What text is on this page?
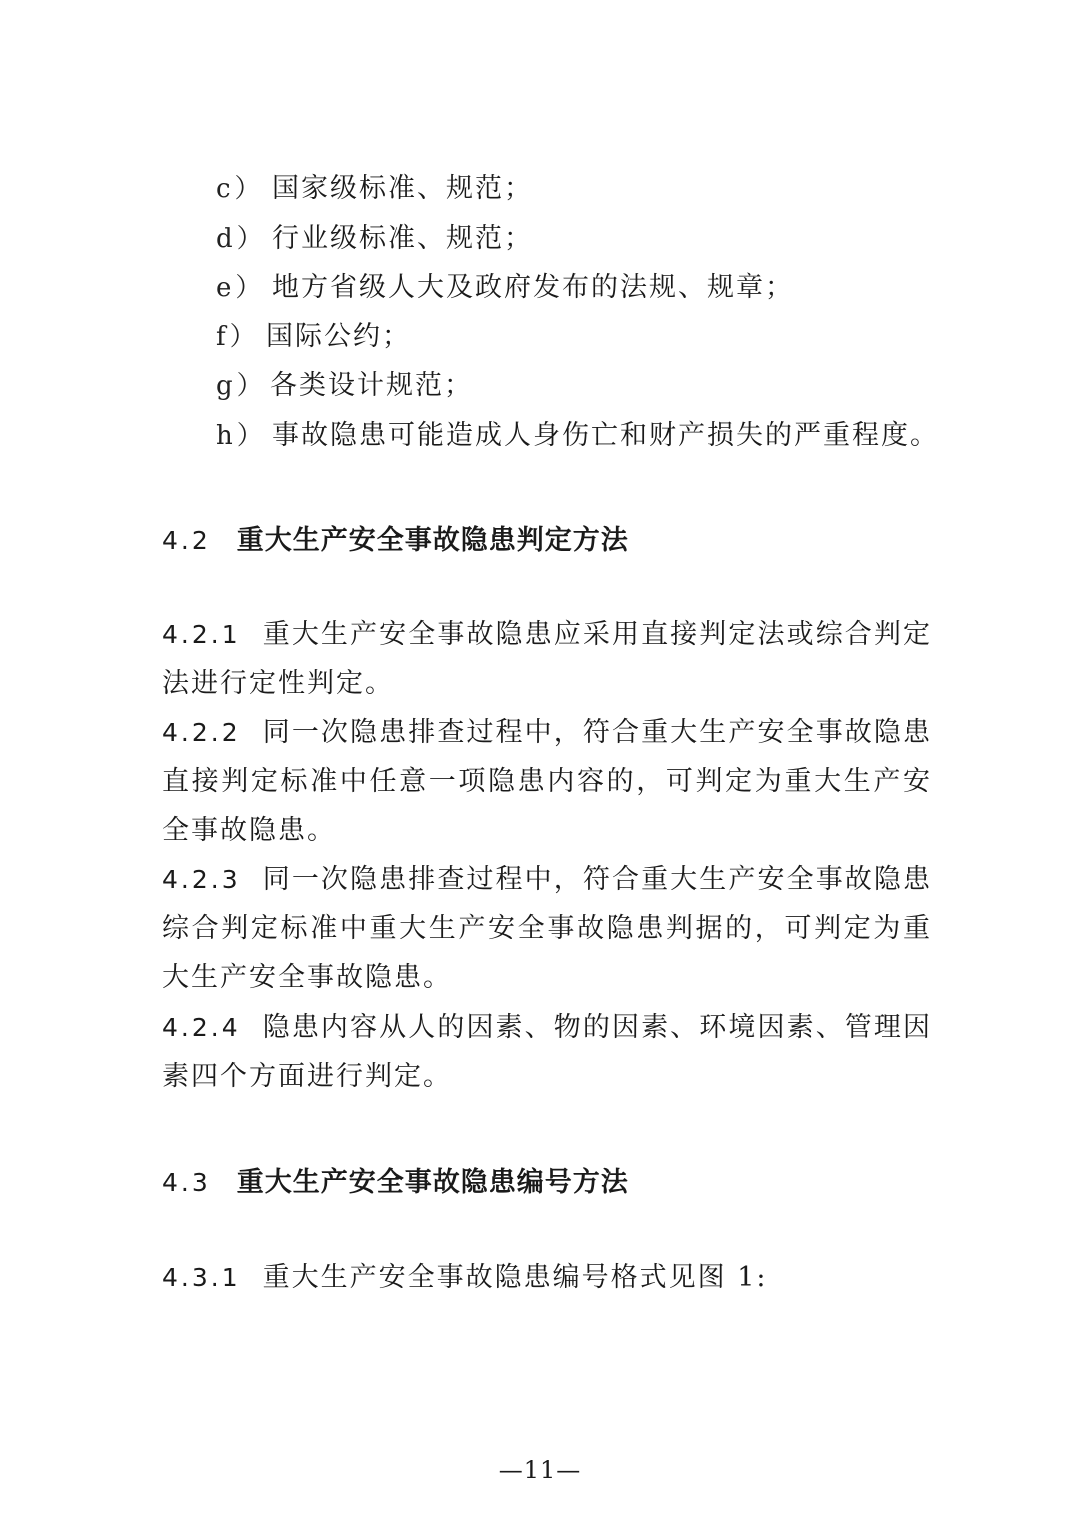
c） 国家级标准、规范；
d） 行业级标准、规范；
e） 地方省级人大及政府发布的法规、规章；
f） 国际公约；
g） 各类设计规范；
h） 事故隐患可能造成人身伤亡和财产损失的严重程度。
4.2 重大生产安全事故隐患判定方法
4.2.1 重大生产安全事故隐患应采用直接判定法或综合判定法进行定性判定。
4.2.2 同一次隐患排查过程中，符合重大生产安全事故隐患直接判定标准中任意一项隐患内容的，可判定为重大生产安全事故隐患。
4.2.3 同一次隐患排查过程中，符合重大生产安全事故隐患综合判定标准中重大生产安全事故隐患判据的，可判定为重大生产安全事故隐患。
4.2.4 隐患内容从人的因素、物的因素、环境因素、管理因素四个方面进行判定。
4.3 重大生产安全事故隐患编号方法
4.3.1 重大生产安全事故隐患编号格式见图 1:
—11—
